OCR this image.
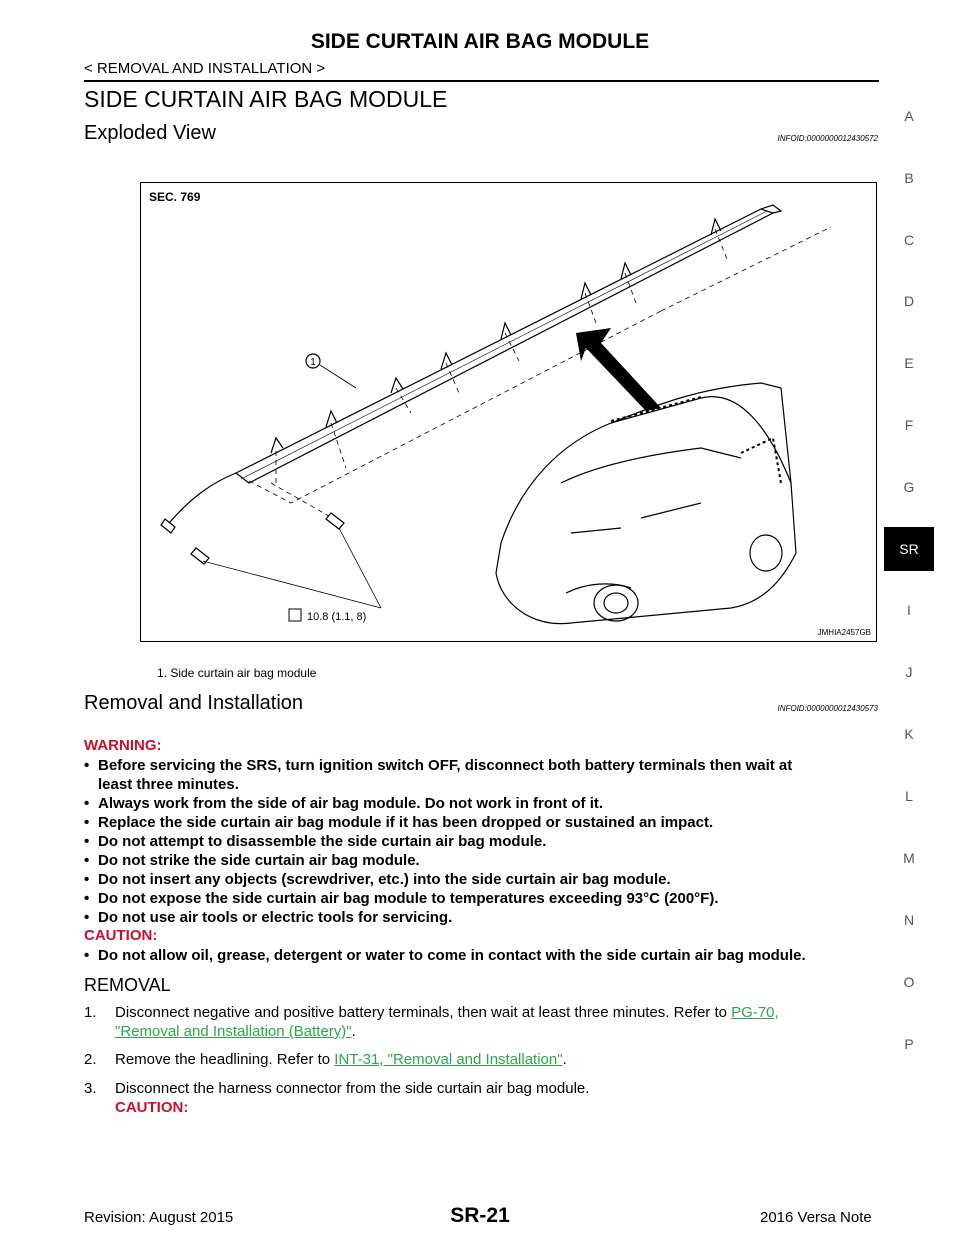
SIDE CURTAIN AIR BAG MODULE
< REMOVAL AND INSTALLATION >
SIDE CURTAIN AIR BAG MODULE
Exploded View	INFOID:0000000012430572
SEC. 769
1
10.8 (1.1, 8)
JMHIA2457GB
1. Side curtain air bag module
Removal and Installation	INFOID:0000000012430573
WARNING:
• Before servicing the SRS, turn ignition switch OFF, disconnect both battery terminals then wait at
least three minutes.
• Always work from the side of air bag module. Do not work in front of it.
• Replace the side curtain air bag module if it has been dropped or sustained an impact.
• Do not attempt to disassemble the side curtain air bag module.
• Do not strike the side curtain air bag module.
• Do not insert any objects (screwdriver, etc.) into the side curtain air bag module.
• Do not expose the side curtain air bag module to temperatures exceeding 93°C (200°F).
• Do not use air tools or electric tools for servicing.
CAUTION:
• Do not allow oil, grease, detergent or water to come in contact with the side curtain air bag module.
REMOVAL
1. Disconnect negative and positive battery terminals, then wait at least three minutes. Refer to PG-70,
"Removal and Installation (Battery)".
2. Remove the headlining. Refer to INT-31, "Removal and Installation".
3. Disconnect the harness connector from the side curtain air bag module.
CAUTION:
A
B
C
D
E
F
G
SR
I
J
K
L
M
N
O
P
Revision: August 2015	SR-21	2016 Versa Note
